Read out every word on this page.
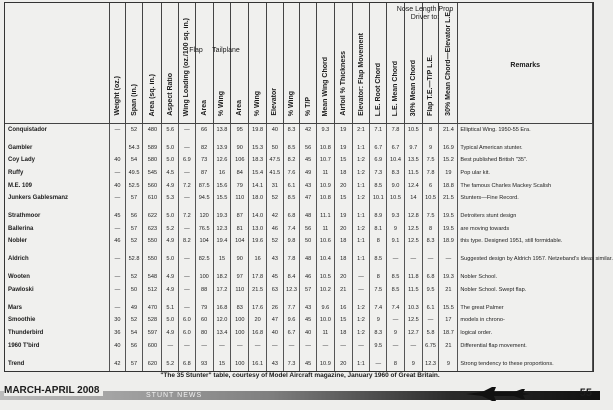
	Weight (oz.)	Span (in.)	Area (sq. in.)	Aspect Ratio	Wing Loading (oz./100 sq. in.)	Area	% Wing	Area	% Wing	Elevator	% Wing	% T/P	Mean Wing Chord	Airfoil % Thickness	Elevator: Flap Movement	L.E. Root Chord	L.E. Mean Chord	30% Mean Chord	Flap T.E.—T/P L.E.	30% Mean Chord—Elevator L.E.	Remarks
Conquistador	—	52	480	5.6	—	66	13.8	95	19.8	40	8.3	42	9.3	19	2:1	7.1	7.8	10.5	8	21.4	Elliptical Wing. 1950-55 Era.

Gambler		54.3	589	5.0	—	82	13.9	90	15.3	50	8.5	56	10.8	19	1:1	6.7	6.7	9.7	9	16.9	Typical American stunter.
Coy Lady	40	54	580	5.0	6.9	73	12.6	106	18.3	47.5	8.2	45	10.7	15	1:2	6.9	10.4	13.5	7.5	15.2	Best published British "35".
Ruffy	—	49.5	545	4.5	—	87	16	84	15.4	41.5	7.6	49	11	18	1:2	7.3	8.3	11.5	7.8	19	Pop ular kit.
M.E. 109	40	52.5	560	4.9	7.2	87.5	15.6	79	14.1	31	6.1	43	10.9	20	1:1	8.5	9.0	12.4	6	18.8	The famous Charles Mackey Scalish
Junkers Gablesmanz	—	57	610	5.3	—	94.5	15.5	110	18.0	52	8.5	47	10.8	15	1:2	10.1	10.5	14	10.5	21.5	Stunters—Fine Record.

Strathmoor	45	56	622	5.0	7.2	120	19.3	87	14.0	42	6.8	48	11.1	19	1:1	8.9	9.3	12.8	7.5	19.5	Detroiters stunt design
Ballerina	—	57	623	5.2	—	76.5	12.3	81	13.0	46	7.4	56	11	20	1:2	8.1	9	12.5	8	19.5	are moving towards
Nobler	46	52	550	4.9	8.2	104	19.4	104	19.6	52	9.8	50	10.6	18	1:1	8	9.1	12.5	8.3	18.9	this type. Designed 1951, still formidable.

Aldrich	—	52.8	550	5.0	—	82.5	15	90	16	43	7.8	48	10.4	18	1:1	8.5	—	—	—	—	Suggested design by Aldrich 1957. Netzeband's ideas similar.

Wooten	—	52	548	4.9	—	100	18.2	97	17.8	45	8.4	46	10.5	20	—	8	8.5	11.8	6.8	19.3	Nobler School.
Pawloski	—	50	512	4.9	—	88	17.2	110	21.5	63	12.3	57	10.2	21	—	7.5	8.5	11.5	9.5	21	Nobler School. Swept flap.

Mars	—	49	470	5.1	—	79	16.8	83	17.6	26	7.7	43	9.6	16	1:2	7.4	7.4	10.3	6.1	15.5	The great Palmer
Smoothie	30	52	528	5.0	6.0	60	12.0	100	20	47	9.6	45	10.0	15	1:2	9	—	12.5	—	17	models in chrono-
Thunderbird	36	54	597	4.9	6.0	80	13.4	100	16.8	40	6.7	40	11	18	1:2	8.3	9	12.7	5.8	18.7	logical order.
1960 T'bird	40	56	600	—	—	—	—	—	—	—	—	—	—	—	—	9.5	—	—	6.75	21	Differential flap movement.

Trend	42	57	620	5.2	6.8	93	15	100	16.1	43	7.3	45	10.9	20	1:1	—	8	9	12.3	9	Strong tendency to these proportions.
Flap	Tailplane
Nose Length Prop Driver to:
"The 35 Stunter" table, courtesy of Model Aircraft magazine, January 1960 of Great Britain.
MARCH-APRIL 2008	STUNT NEWS	55
